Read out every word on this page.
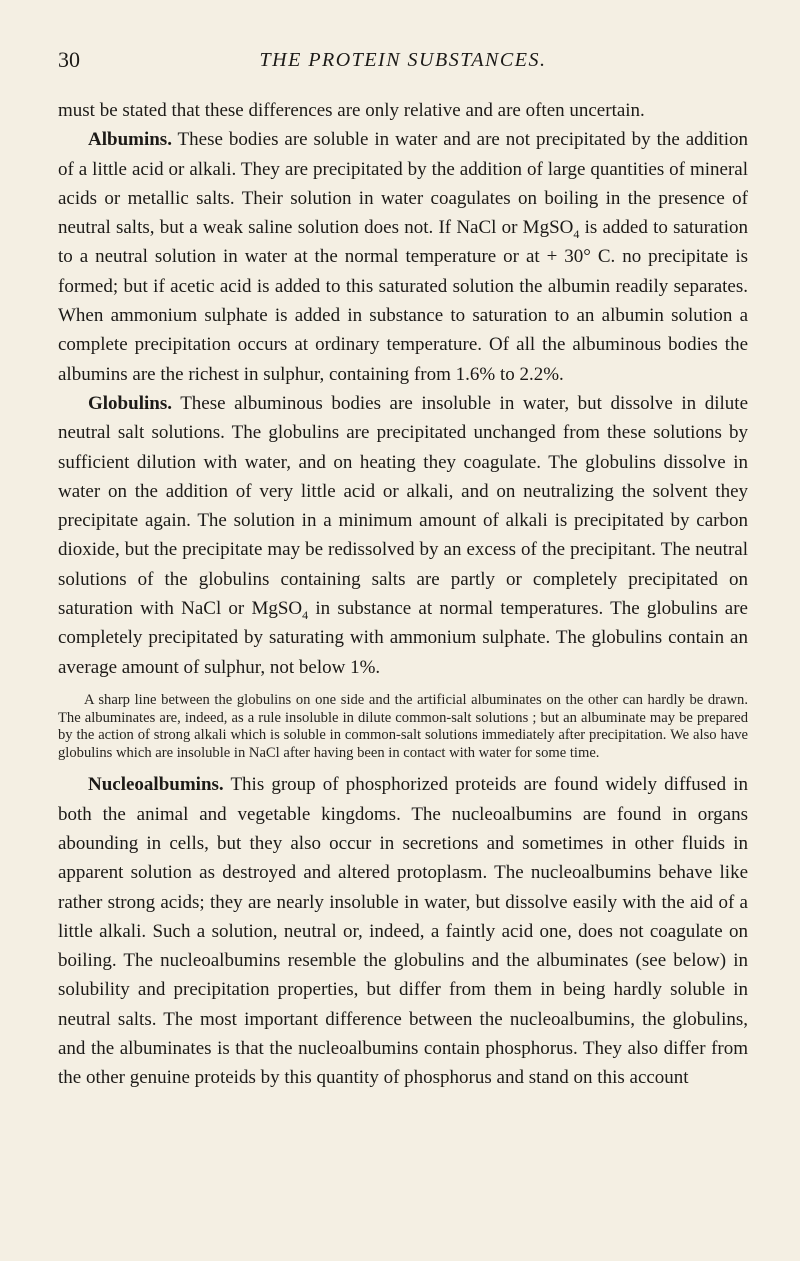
30	THE PROTEIN SUBSTANCES.

must be stated that these differences are only relative and are often uncertain.

Albumins. These bodies are soluble in water and are not precipitated by the addition of a little acid or alkali. They are precipitated by the addition of large quantities of mineral acids or metallic salts. Their solution in water coagulates on boiling in the presence of neutral salts, but a weak saline solution does not. If NaCl or MgSO$_4$ is added to saturation to a neutral solution in water at the normal temperature or at + 30° C. no precipitate is formed; but if acetic acid is added to this saturated solution the albumin readily separates. When ammonium sulphate is added in substance to saturation to an albumin solution a complete precipitation occurs at ordinary temperature. Of all the albuminous bodies the albumins are the richest in sulphur, containing from 1.6% to 2.2%.

Globulins. These albuminous bodies are insoluble in water, but dissolve in dilute neutral salt solutions. The globulins are precipitated unchanged from these solutions by sufficient dilution with water, and on heating they coagulate. The globulins dissolve in water on the addition of very little acid or alkali, and on neutralizing the solvent they precipitate again. The solution in a minimum amount of alkali is precipitated by carbon dioxide, but the precipitate may be redissolved by an excess of the precipitant. The neutral solutions of the globulins containing salts are partly or completely precipitated on saturation with NaCl or MgSO$_4$ in substance at normal temperatures. The globulins are completely precipitated by saturating with ammonium sulphate. The globulins contain an average amount of sulphur, not below 1%.

A sharp line between the globulins on one side and the artificial albuminates on the other can hardly be drawn. The albuminates are, indeed, as a rule insoluble in dilute common-salt solutions ; but an albuminate may be prepared by the action of strong alkali which is soluble in common-salt solutions immediately after precipitation. We also have globulins which are insoluble in NaCl after having been in contact with water for some time.

Nucleoalbumins. This group of phosphorized proteids are found widely diffused in both the animal and vegetable kingdoms. The nucleoalbumins are found in organs abounding in cells, but they also occur in secretions and sometimes in other fluids in apparent solution as destroyed and altered protoplasm. The nucleoalbumins behave like rather strong acids; they are nearly insoluble in water, but dissolve easily with the aid of a little alkali. Such a solution, neutral or, indeed, a faintly acid one, does not coagulate on boiling. The nucleoalbumins resemble the globulins and the albuminates (see below) in solubility and precipitation properties, but differ from them in being hardly soluble in neutral salts. The most important difference between the nucleoalbumins, the globulins, and the albuminates is that the nucleoalbumins contain phosphorus. They also differ from the other genuine proteids by this quantity of phosphorus and stand on this account
